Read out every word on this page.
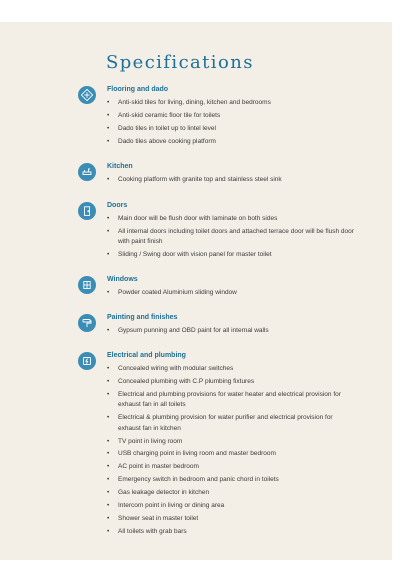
Specifications
Flooring and dado
• Anti-skid tiles for living, dining, kitchen and bedrooms
• Anti-skid ceramic floor tile for toilets
• Dado tiles in toilet up to lintel level
• Dado tiles above cooking platform
Kitchen
• Cooking platform with granite top and stainless steel sink
Doors
• Main door will be flush door with laminate on both sides
• All internal doors including toilet doors and attached terrace door will be flush door with paint finish
• Sliding / Swing door with vision panel for master toilet
Windows
• Powder coated Aluminium sliding window
Painting and finishes
• Gypsum punning and OBD paint for all internal walls
Electrical and plumbing
• Concealed wiring with modular switches
• Concealed plumbing with C.P plumbing fixtures
• Electrical and plumbing provisions for water heater and electrical provision for exhaust fan in all toilets
• Electrical & plumbing provision for water purifier and electrical provision for exhaust fan in kitchen
• TV point in living room
• USB charging point in living room and master bedroom
• AC point in master bedroom
• Emergency switch in bedroom and panic chord in toilets
• Gas leakage detector in kitchen
• Intercom point in living or dining area
• Shower seat in master toilet
• All toilets with grab bars
